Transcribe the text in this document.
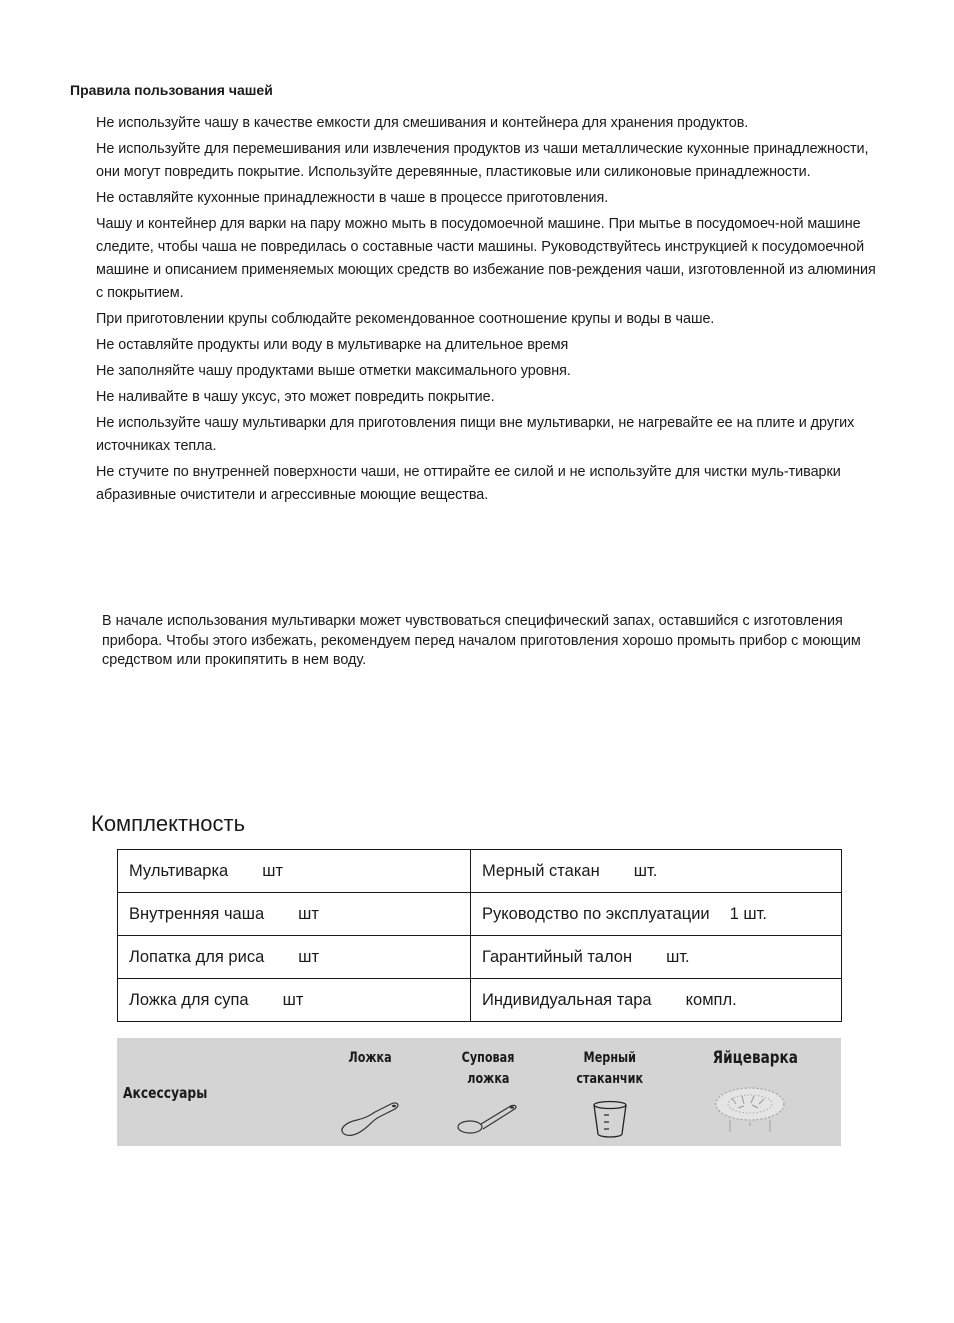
Правила пользования чашей
Не используйте чашу в качестве емкости для смешивания и контейнера для хранения продуктов.
Не используйте для перемешивания или извлечения продуктов из чаши металлические кухонные принадлежности, они могут повредить покрытие. Используйте деревянные, пластиковые или силиконовые принадлежности.
Не оставляйте кухонные принадлежности в чаше в процессе приготовления.
Чашу и контейнер для варки на пару можно мыть в посудомоечной машине. При мытье в посудомоеч-ной машине следите, чтобы чаша не повредилась о составные части машины. Руководствуйтесь инструкцией к посудомоечной машине и описанием применяемых моющих средств во избежание пов-реждения чаши, изготовленной из алюминия с покрытием.
При приготовлении крупы соблюдайте рекомендованное соотношение крупы и воды в чаше.
Не оставляйте продукты или воду в мультиварке на длительное время
Не заполняйте чашу продуктами выше отметки максимального уровня.
Не наливайте в чашу уксус, это может повредить покрытие.
Не используйте чашу мультиварки для приготовления пищи вне мультиварки, не нагревайте ее на плите и других источниках тепла.
Не стучите по внутренней поверхности чаши, не оттирайте ее силой и не используйте для чистки муль-тиварки абразивные очистители и агрессивные моющие вещества.
В начале использования мультиварки может чувствоваться специфический запах, оставшийся с изготовления прибора. Чтобы этого избежать, рекомендуем перед началом приготовления хорошо промыть прибор с моющим средством или прокипятить в нем воду.
Комплектность
Мультиварка шт	Мерный стакан шт.
Внутренняя чаша шт	Руководство по эксплуатации 1 шт.
Лопатка для риса шт	Гарантийный талон шт.
Ложка для супа шт	Индивидуальная тара компл.
Аксессуары
Ложка	Суповая
ложка
Мерный
стаканчик
Яйцеварка
